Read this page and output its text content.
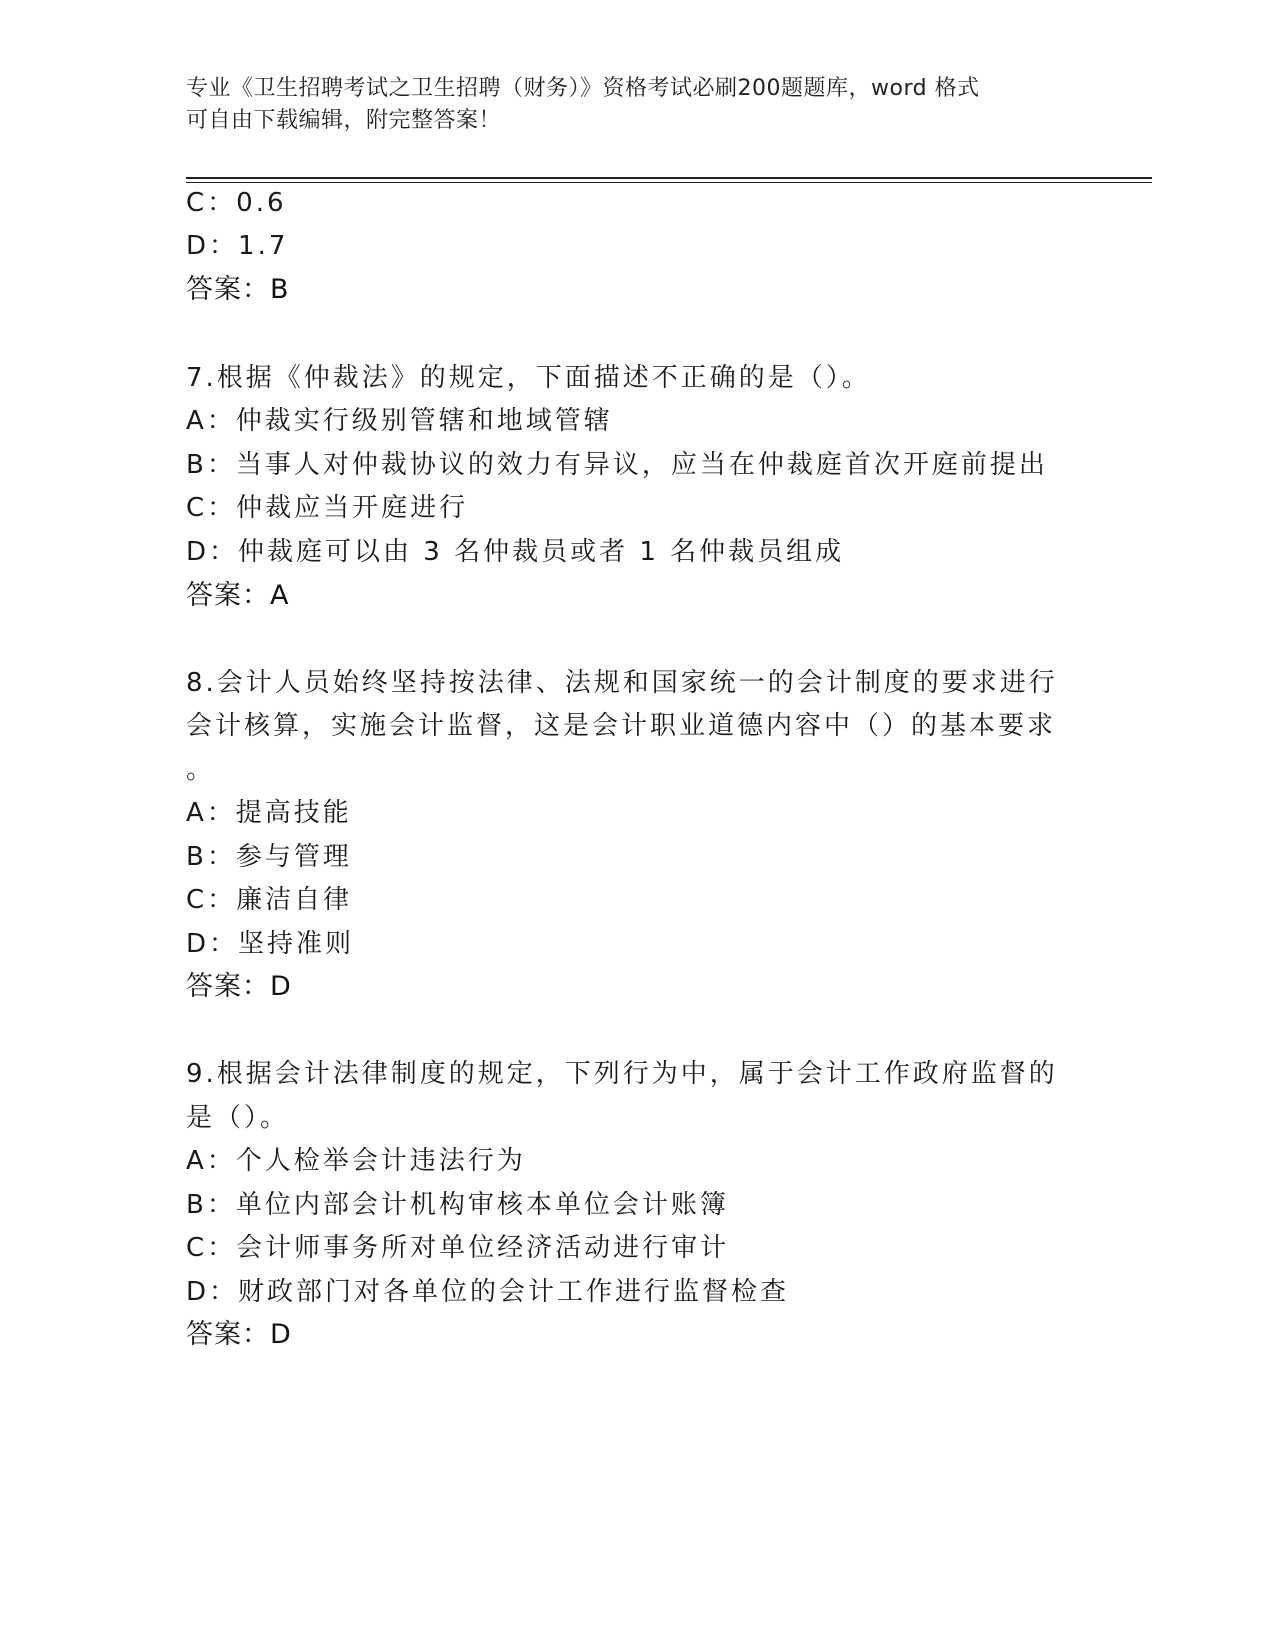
专业《卫生招聘考试之卫生招聘（财务）》资格考试必刷200题题库，word 格式
可自由下载编辑，附完整答案！
C：0.6
D：1.7
答案：B
7.根据《仲裁法》的规定，下面描述不正确的是（）。
A：仲裁实行级别管辖和地域管辖
B：当事人对仲裁协议的效力有异议，应当在仲裁庭首次开庭前提出
C：仲裁应当开庭进行
D：仲裁庭可以由 3 名仲裁员或者 1 名仲裁员组成
答案：A
8.会计人员始终坚持按法律、法规和国家统一的会计制度的要求进行
会计核算，实施会计监督，这是会计职业道德内容中（）的基本要求
。
A：提高技能
B：参与管理
C：廉洁自律
D：坚持准则
答案：D
9.根据会计法律制度的规定，下列行为中，属于会计工作政府监督的
是（）。
A：个人检举会计违法行为
B：单位内部会计机构审核本单位会计账簿
C：会计师事务所对单位经济活动进行审计
D：财政部门对各单位的会计工作进行监督检查
答案：D
